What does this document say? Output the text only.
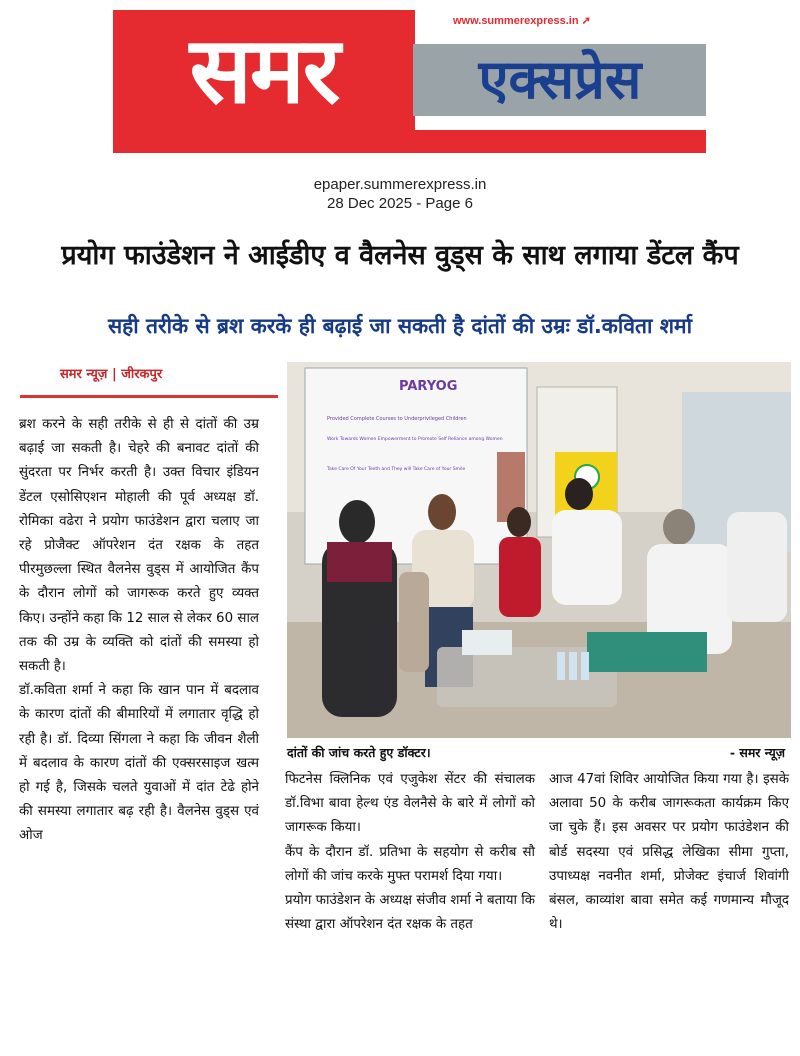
समर	एक्सप्रेस
www.summerexpress.in ➚
epaper.summerexpress.in
28 Dec 2025 - Page 6
प्रयोग फाउंडेशन ने आईडीए व वैलनेस वुड्स के साथ लगाया डेंटल कैंप
सही तरीके से ब्रश करके ही बढ़ाई जा सकती है दांतों की उम्रः डॉ.कविता शर्मा
समर न्यूज़ | जीरकपुर

ब्रश करने के सही तरीके से ही से दांतों की उम्र बढ़ाई जा सकती है। चेहरे की बनावट दांतों की सुंदरता पर निर्भर करती है। उक्त विचार इंडियन डेंटल एसोसिएशन मोहाली की पूर्व अध्यक्ष डॉ. रोमिका वढेरा ने प्रयोग फाउंडेशन द्वारा चलाए जा रहे प्रोजैक्ट ऑपरेशन दंत रक्षक के तहत पीरमुछल्ला स्थित वैलनेस वुड्स में आयोजित कैंप के दौरान लोगों को जागरूक करते हुए व्यक्त किए। उन्होंने कहा कि 12 साल से लेकर 60 साल तक की उम्र के व्यक्ति को दांतों की समस्या हो सकती है।

डॉ.कविता शर्मा ने कहा कि खान पान में बदलाव के कारण दांतों की बीमारियों में लगातार वृद्धि हो रही है। डॉ. दिव्या सिंगला ने कहा कि जीवन शैली में बदलाव के कारण दांतों की एक्सरसाइज खत्म हो गई है, जिसके चलते युवाओं में दांत टेढे होने की समस्या लगातार बढ़ रही है। वैलनेस वुड्स एवं ओज

PARYOG
Provided Complete Courses to Underprivileged Children
Work Towards Women Empowerment to Promote Self Reliance among Women
Take Care Of Your Teeth and They will Take Care of Your Smile
दांतों की जांच करते हुए डॉक्टर।	- समर न्यूज़

फिटनेस क्लिनिक एवं एजुकेश सेंटर की संचालक डॉ.विभा बावा हेल्थ एंड वेलनैसे के बारे में लोगों को जागरूक किया।

कैंप के दौरान डॉ. प्रतिभा के सहयोग से करीब सौ लोगों की जांच करके मुफ्त परामर्श दिया गया।

प्रयोग फाउंडेशन के अध्यक्ष संजीव शर्मा ने बताया कि संस्था द्वारा ऑपरेशन दंत रक्षक के तहत

आज 47वां शिविर आयोजित किया गया है। इसके अलावा 50 के करीब जागरूकता कार्यक्रम किए जा चुके हैं। इस अवसर पर प्रयोग फाउंडेशन की बोर्ड सदस्या एवं प्रसिद्ध लेखिका सीमा गुप्ता, उपाध्यक्ष नवनीत शर्मा, प्रोजेक्ट इंचार्ज शिवांगी बंसल, काव्यांश बावा समेत कई गणमान्य मौजूद थे।
